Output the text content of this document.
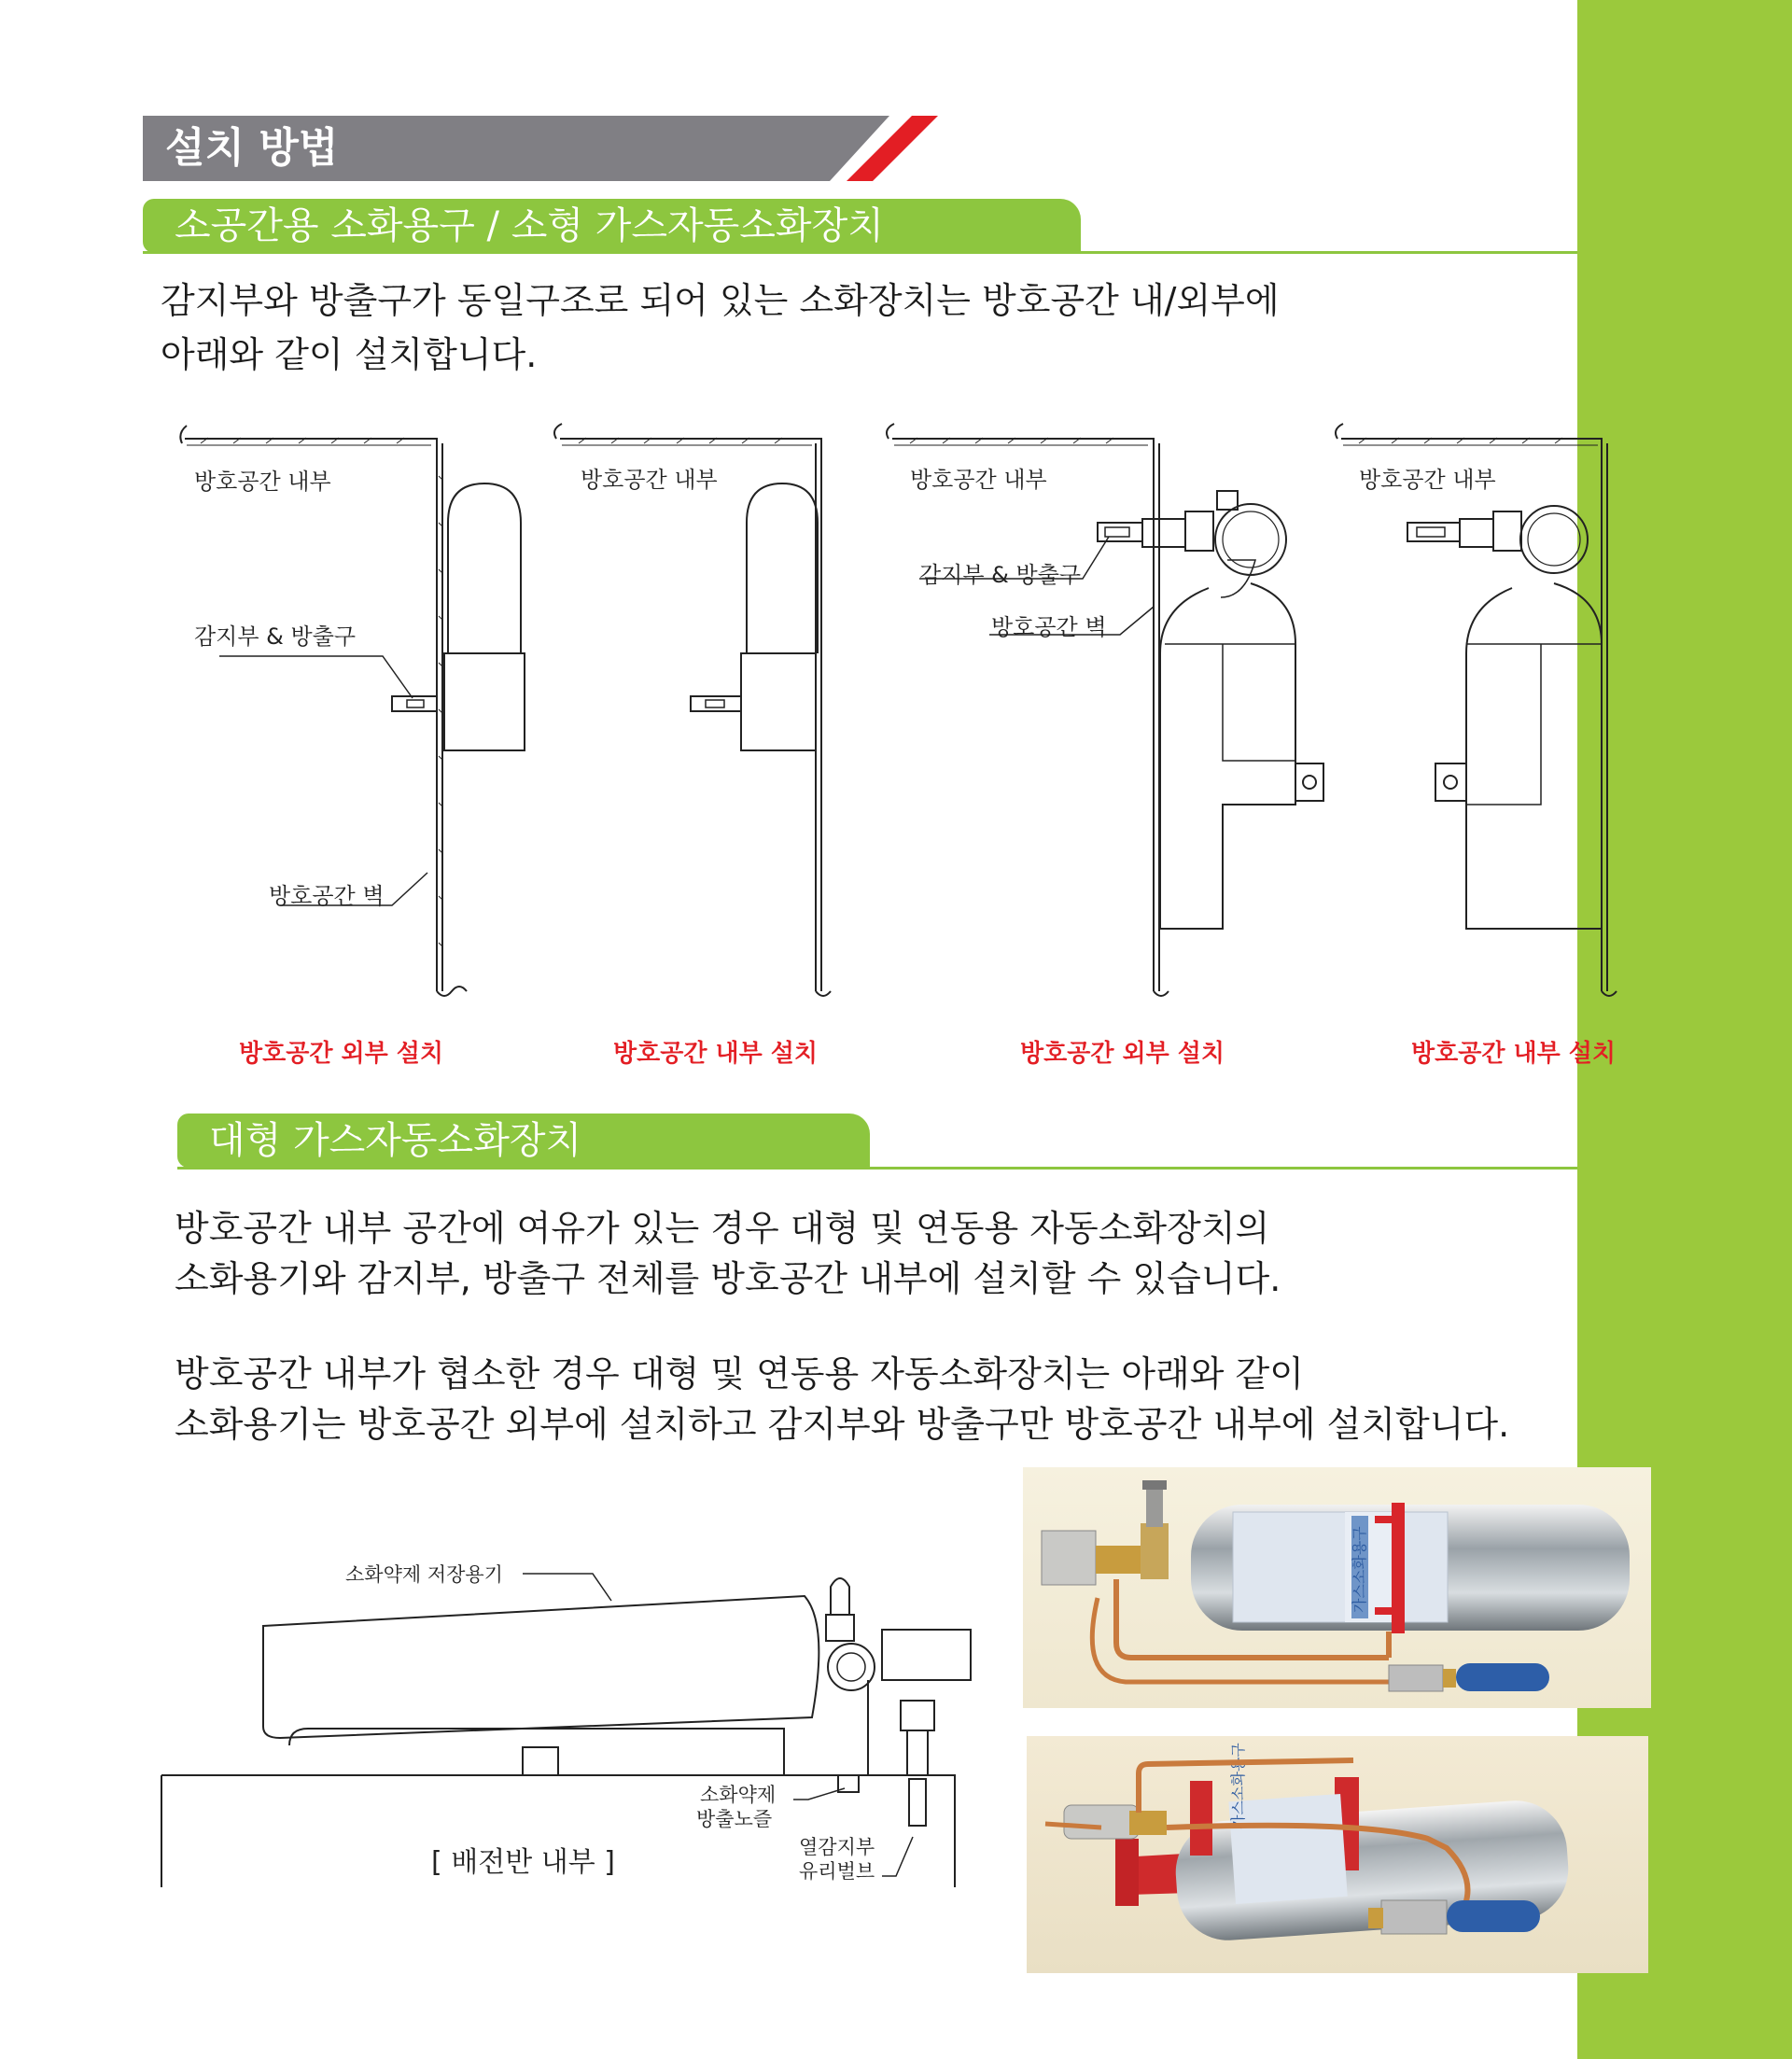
설치 방법
소공간용 소화용구 / 소형 가스자동소화장치
감지부와 방출구가 동일구조로 되어 있는 소화장치는 방호공간 내/외부에
아래와 같이 설치합니다.
방호공간 내부
감지부 & 방출구
방호공간 벽
방호공간 외부 설치
방호공간 내부
방호공간 내부 설치
방호공간 내부
감지부 & 방출구
방호공간 벽
방호공간 외부 설치
방호공간 내부
방호공간 내부 설치
대형 가스자동소화장치
방호공간 내부 공간에 여유가 있는 경우 대형 및 연동용 자동소화장치의
소화용기와 감지부, 방출구 전체를 방호공간 내부에 설치할 수 있습니다.
방호공간 내부가 협소한 경우 대형 및 연동용 자동소화장치는 아래와 같이
소화용기는 방호공간 외부에 설치하고 감지부와 방출구만 방호공간 내부에 설치합니다.
소화약제 저장용기
소화약제
방출노즐
열감지부
유리벌브
[ 배전반 내부 ]
가스소화용구
가스소화용구
